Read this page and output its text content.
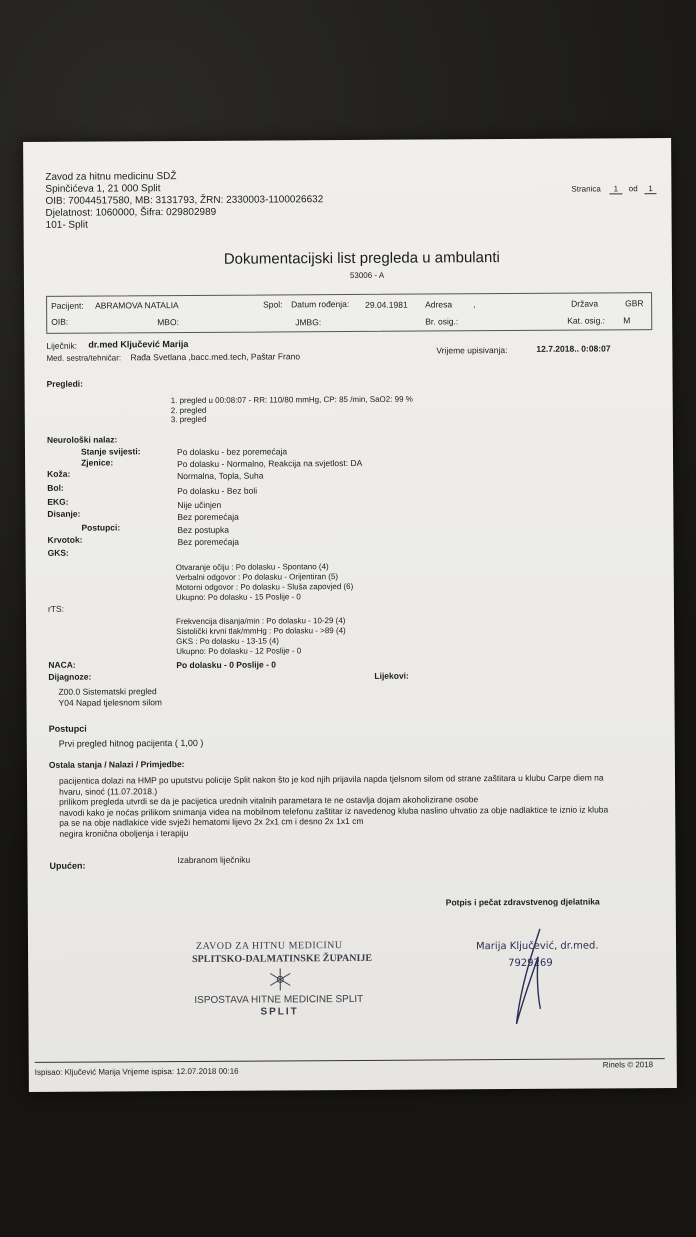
Zavod za hitnu medicinu SDŽ
Spinčićeva 1, 21 000 Split
OIB: 70044517580, MB: 3131793, ŽRN: 2330003-1100026632
Djelatnost: 1060000, Šifra: 029802989
101- Split
Stranica 1 od 1
Dokumentacijski list pregleda u ambulanti
53006 - A
Pacijent: ABRAMOVA NATALIA	Spol: Datum rođenja: 29.04.1981 Adresa ,	Država	GBR
OIB:	MBO:	JMBG:	Br. osig.:	Kat. osig.: M
Liječnik: dr.med Ključević Marija
Med. sestra/tehničar: Rađa Svetlana ,bacc.med.tech, Paštar Frano
Vrijeme upisivanja:	12.7.2018.. 0:08:07
Pregledi:
1. pregled u 00:08:07 - RR: 110/80 mmHg, CP: 85 /min, SaO2: 99 %
2. pregled
3. pregled
Neurološki nalaz:
Stanje svijesti:	Po dolasku - bez poremećaja
Zjenice:	Po dolasku - Normalno, Reakcija na svjetlost: DA
Koža:	Normalna, Topla, Suha
Bol:	Po dolasku - Bez boli
EKG:	Nije učinjen
Disanje:	Bez poremećaja
Postupci:	Bez postupka
Krvotok:	Bez poremećaja
GKS:
Otvaranje očiju : Po dolasku - Spontano (4)
Verbalni odgovor : Po dolasku - Orijentiran (5)
Motorni odgovor : Po dolasku - Sluša zapovjed (6)
Ukupno: Po dolasku - 15 Poslije - 0
rTS:
Frekvencija disanja/min : Po dolasku - 10-29 (4)
Sistolički krvni tlak/mmHg : Po dolasku - >89 (4)
GKS : Po dolasku - 13-15 (4)
Ukupno: Po dolasku - 12 Poslije - 0
NACA:	Po dolasku - 0 Poslije - 0
Dijagnoze:	Lijekovi:
Z00.0 Sistematski pregled
Y04 Napad tjelesnom silom
Postupci
Prvi pregled hitnog pacijenta ( 1,00 )
Ostala stanja / Nalazi / Primjedbe:
pacijentica dolazi na HMP po uputstvu policije Split nakon što je kod njih prijavila napda tjelsnom silom od strane zaštitara u klubu Carpe diem na
hvaru, sinoć (11.07.2018.)
prilikom pregleda utvrdi se da je pacijetica urednih vitalnih parametara te ne ostavlja dojam akoholizirane osobe
navodi kako je noćas prilikom snimanja videa na mobilnom telefonu zaštitar iz navedenog kluba naslino uhvatio za obje nadlaktice te iznio iz kluba
pa se na obje nadlakice vide svježi hematomi lijevo 2x 2x1 cm i desno 2x 1x1 cm
negira kronična oboljenja i terapiju
Upućen:
Izabranom liječniku
Potpis i pečat zdravstvenog djelatnika
Marija Ključević, dr.med.
7929269
ZAVOD ZA HITNU MEDICINU
SPLITSKO-DALMATINSKE ŽUPANIJE
ISPOSTAVA HITNE MEDICINE SPLIT
SPLIT
Ispisao: Ključević Marija Vrijeme ispisa: 12.07.2018 00:16
Rinels © 2018
